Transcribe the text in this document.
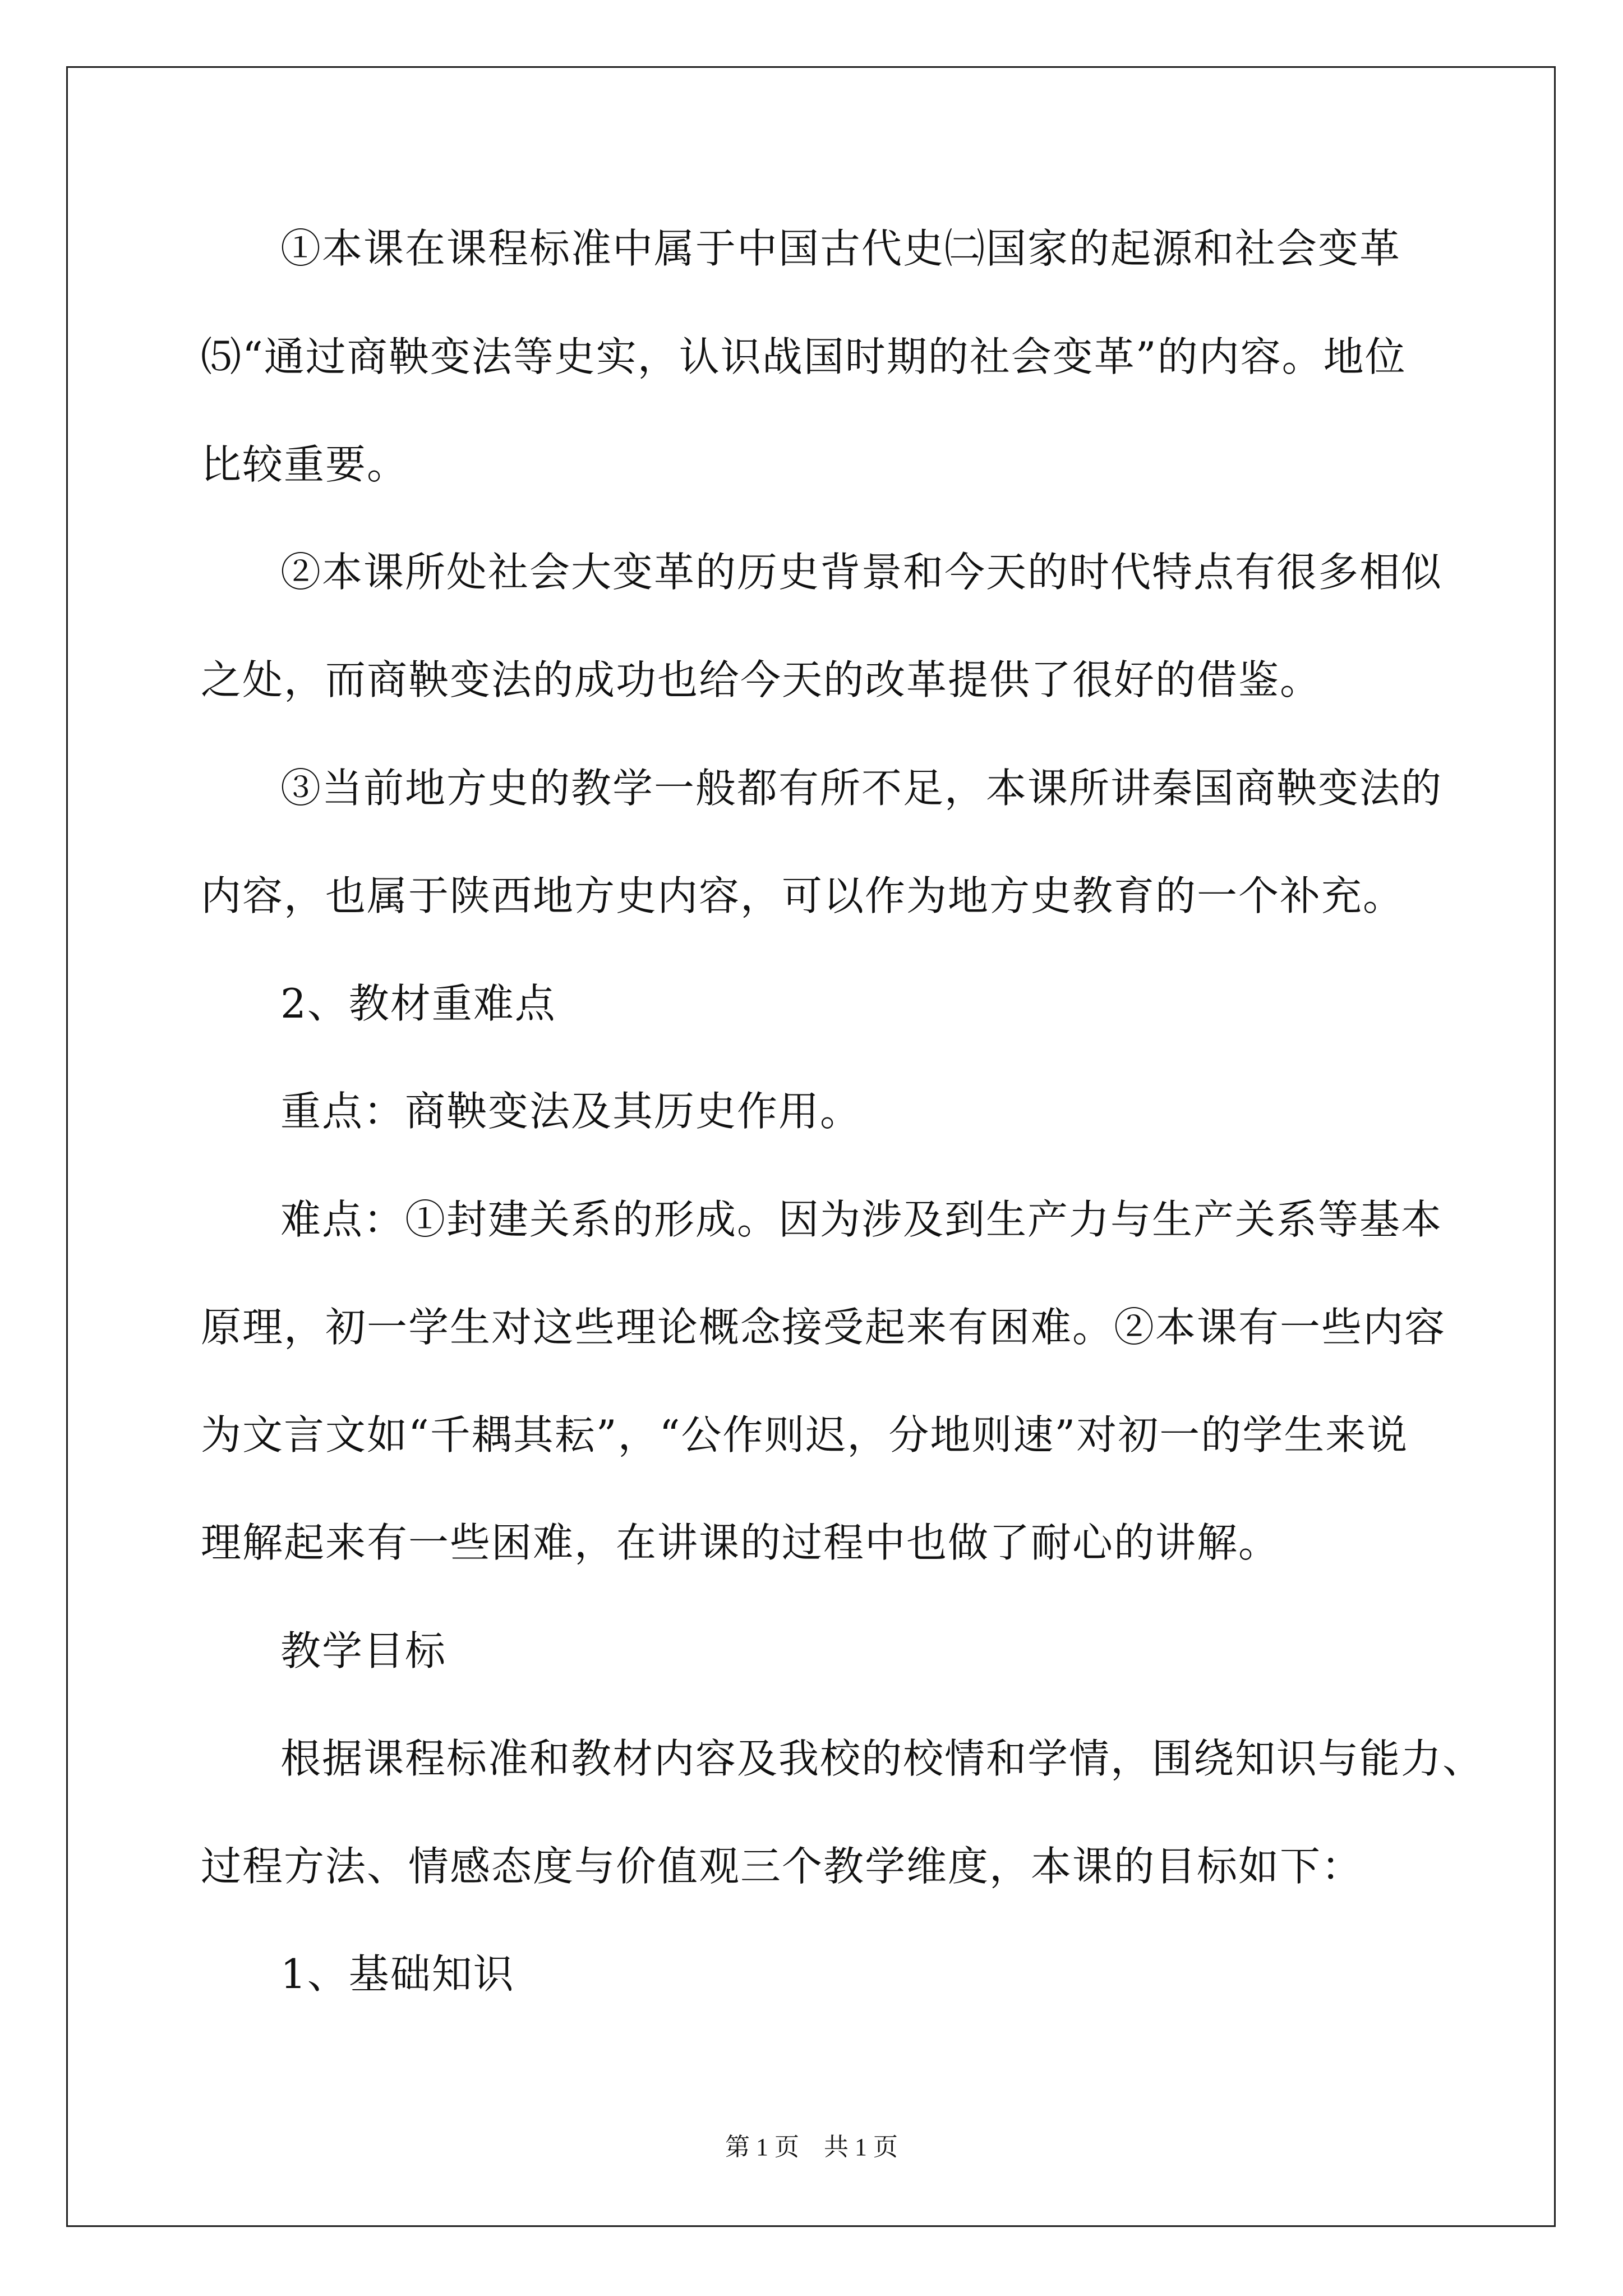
①本课在课程标准中属于中国古代史㈡国家的起源和社会变革
⑸“通过商鞅变法等史实，认识战国时期的社会变革”的内容。地位
比较重要。
②本课所处社会大变革的历史背景和今天的时代特点有很多相似
之处，而商鞅变法的成功也给今天的改革提供了很好的借鉴。
③当前地方史的教学一般都有所不足，本课所讲秦国商鞅变法的
内容，也属于陕西地方史内容，可以作为地方史教育的一个补充。
2、教材重难点
重点：商鞅变法及其历史作用。
难点：①封建关系的形成。因为涉及到生产力与生产关系等基本
原理，初一学生对这些理论概念接受起来有困难。②本课有一些内容
为文言文如“千耦其耘”，“公作则迟，分地则速”对初一的学生来说
理解起来有一些困难，在讲课的过程中也做了耐心的讲解。
教学目标
根据课程标准和教材内容及我校的校情和学情，围绕知识与能力、
过程方法、情感态度与价值观三个教学维度，本课的目标如下：
1、基础知识
第 1 页　共 1 页
